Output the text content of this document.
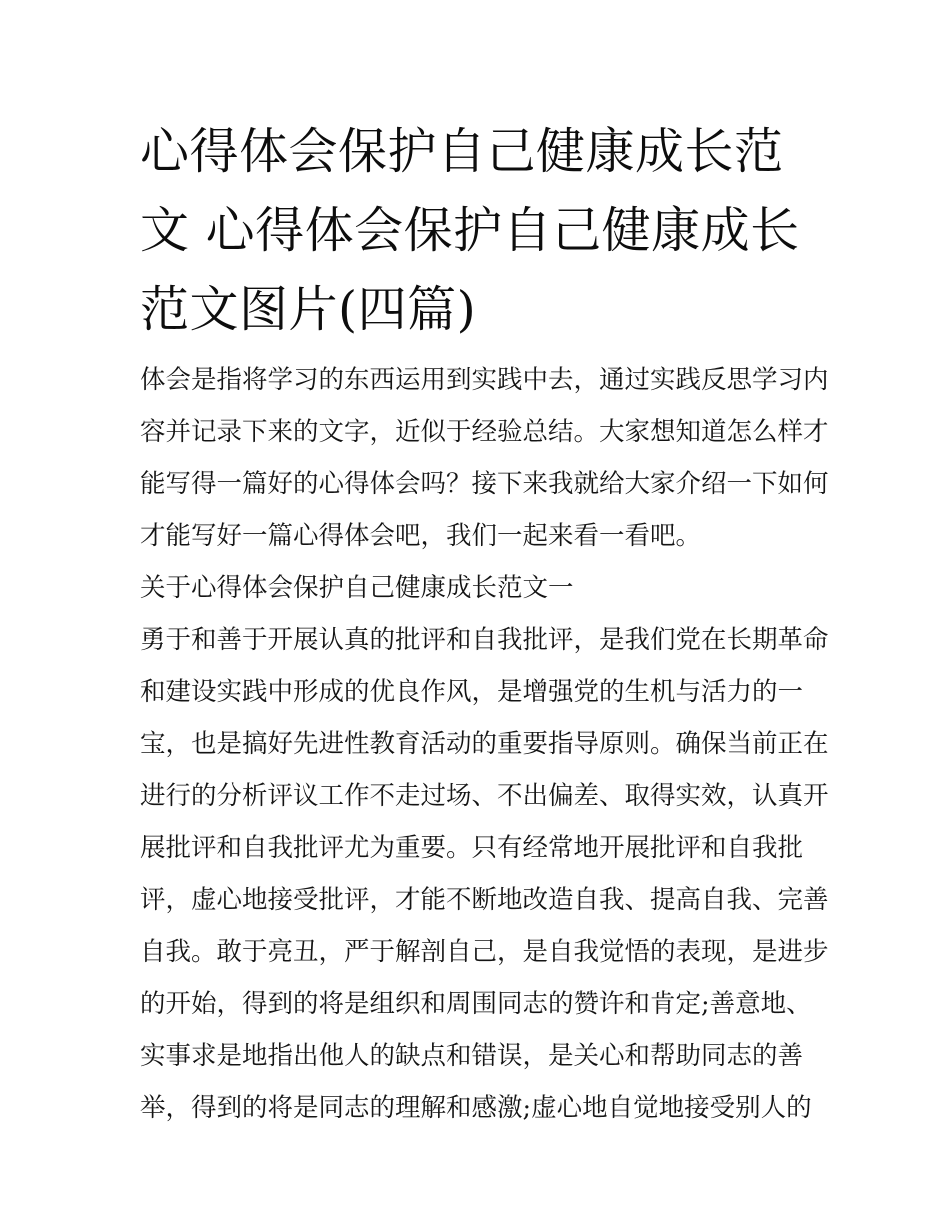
心得体会保护自己健康成长范
文 心得体会保护自己健康成长
范文图片(四篇)
体会是指将学习的东西运用到实践中去，通过实践反思学习内
容并记录下来的文字，近似于经验总结。大家想知道怎么样才
能写得一篇好的心得体会吗？接下来我就给大家介绍一下如何
才能写好一篇心得体会吧，我们一起来看一看吧。
关于心得体会保护自己健康成长范文一
勇于和善于开展认真的批评和自我批评，是我们党在长期革命
和建设实践中形成的优良作风，是增强党的生机与活力的一
宝，也是搞好先进性教育活动的重要指导原则。确保当前正在
进行的分析评议工作不走过场、不出偏差、取得实效，认真开
展批评和自我批评尤为重要。只有经常地开展批评和自我批
评，虚心地接受批评，才能不断地改造自我、提高自我、完善
自我。敢于亮丑，严于解剖自己，是自我觉悟的表现，是进步
的开始，得到的将是组织和周围同志的赞许和肯定;善意地、
实事求是地指出他人的缺点和错误，是关心和帮助同志的善
举，得到的将是同志的理解和感激;虚心地自觉地接受别人的
